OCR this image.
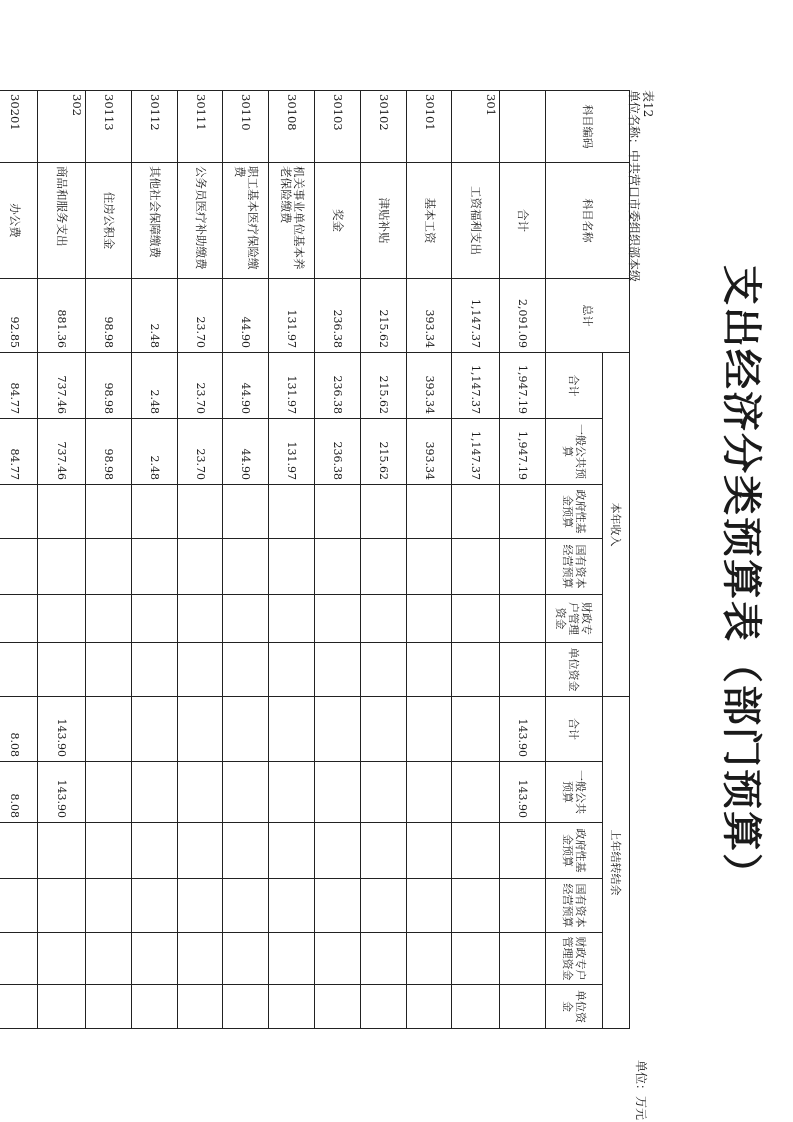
支出经济分类预算表（部门预算）
表12
单位名称：中共营口市委组织部本级
单位：万元
科目编码	科目名称	总计	本年收入						上年结转结余					
			合计	一般公共预算	政府性基金预算	国有资本经营预算	财政专户管理资金	单位资金	合计	一般公共预算	政府性基金预算	国有资本经营预算	财政专户管理资金	单位资金
	合计	2,091.09	1,947.19	1,947.19					143.90	143.90				
301	工资福利支出	1,147.37	1,147.37	1,147.37										
30101	基本工资	393.34	393.34	393.34										
30102	津贴补贴	215.62	215.62	215.62										
30103	奖金	236.38	236.38	236.38										
30108	机关事业单位基本养老保险缴费	131.97	131.97	131.97										
30110	职工基本医疗保险缴费	44.90	44.90	44.90										
30111	公务员医疗补助缴费	23.70	23.70	23.70										
30112	其他社会保障缴费	2.48	2.48	2.48										
30113	住房公积金	98.98	98.98	98.98										
302	商品和服务支出	881.36	737.46	737.46					143.90	143.90				
30201	办公费	92.85	84.77	84.77					8.08	8.08				
